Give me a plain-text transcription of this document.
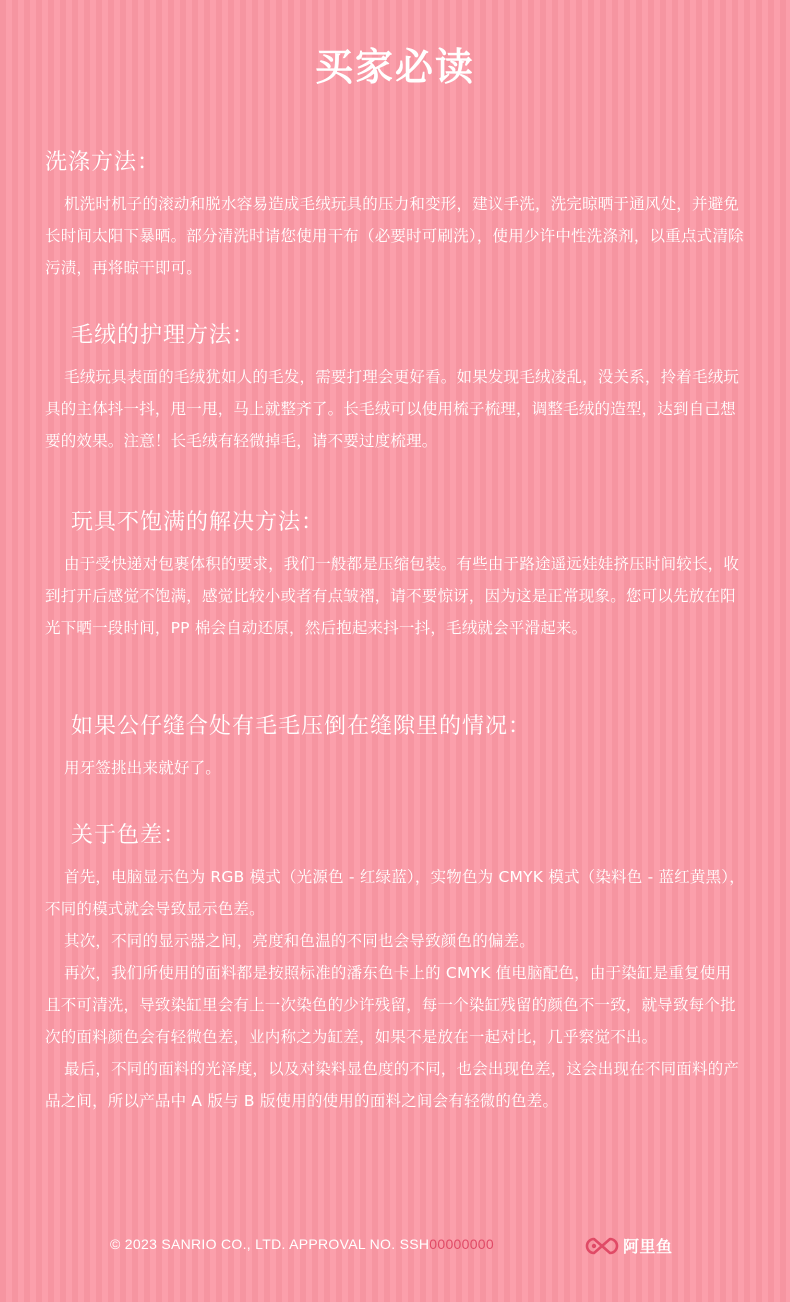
买家必读
洗涤方法：

机洗时机子的滚动和脱水容易造成毛绒玩具的压力和变形，建议手洗，洗完晾晒于通风处，并避免长时间太阳下暴晒。部分清洗时请您使用干布（必要时可刷洗），使用少许中性洗涤剂，以重点式清除污渍，再将晾干即可。

毛绒的护理方法：

毛绒玩具表面的毛绒犹如人的毛发，需要打理会更好看。如果发现毛绒凌乱，没关系，拎着毛绒玩具的主体抖一抖，甩一甩，马上就整齐了。长毛绒可以使用梳子梳理，调整毛绒的造型，达到自己想要的效果。注意！长毛绒有轻微掉毛，请不要过度梳理。

玩具不饱满的解决方法：

由于受快递对包裹体积的要求，我们一般都是压缩包装。有些由于路途遥远娃娃挤压时间较长，收到打开后感觉不饱满，感觉比较小或者有点皱褶，请不要惊讶，因为这是正常现象。您可以先放在阳光下晒一段时间，PP 棉会自动还原，然后抱起来抖一抖，毛绒就会平滑起来。

如果公仔缝合处有毛毛压倒在缝隙里的情况：

用牙签挑出来就好了。

关于色差：

首先，电脑显示色为 RGB 模式（光源色 - 红绿蓝），实物色为 CMYK 模式（染料色 - 蓝红黄黑），不同的模式就会导致显示色差。

其次，不同的显示器之间，亮度和色温的不同也会导致颜色的偏差。

再次，我们所使用的面料都是按照标准的潘东色卡上的 CMYK 值电脑配色，由于染缸是重复使用且不可清洗，导致染缸里会有上一次染色的少许残留，每一个染缸残留的颜色不一致，就导致每个批次的面料颜色会有轻微色差，业内称之为缸差，如果不是放在一起对比，几乎察觉不出。

最后，不同的面料的光泽度，以及对染料显色度的不同，也会出现色差，这会出现在不同面料的产品之间，所以产品中 A 版与 B 版使用的使用的面料之间会有轻微的色差。

© 2023 SANRIO CO., LTD. APPROVAL NO. SSH00000000	阿里鱼
